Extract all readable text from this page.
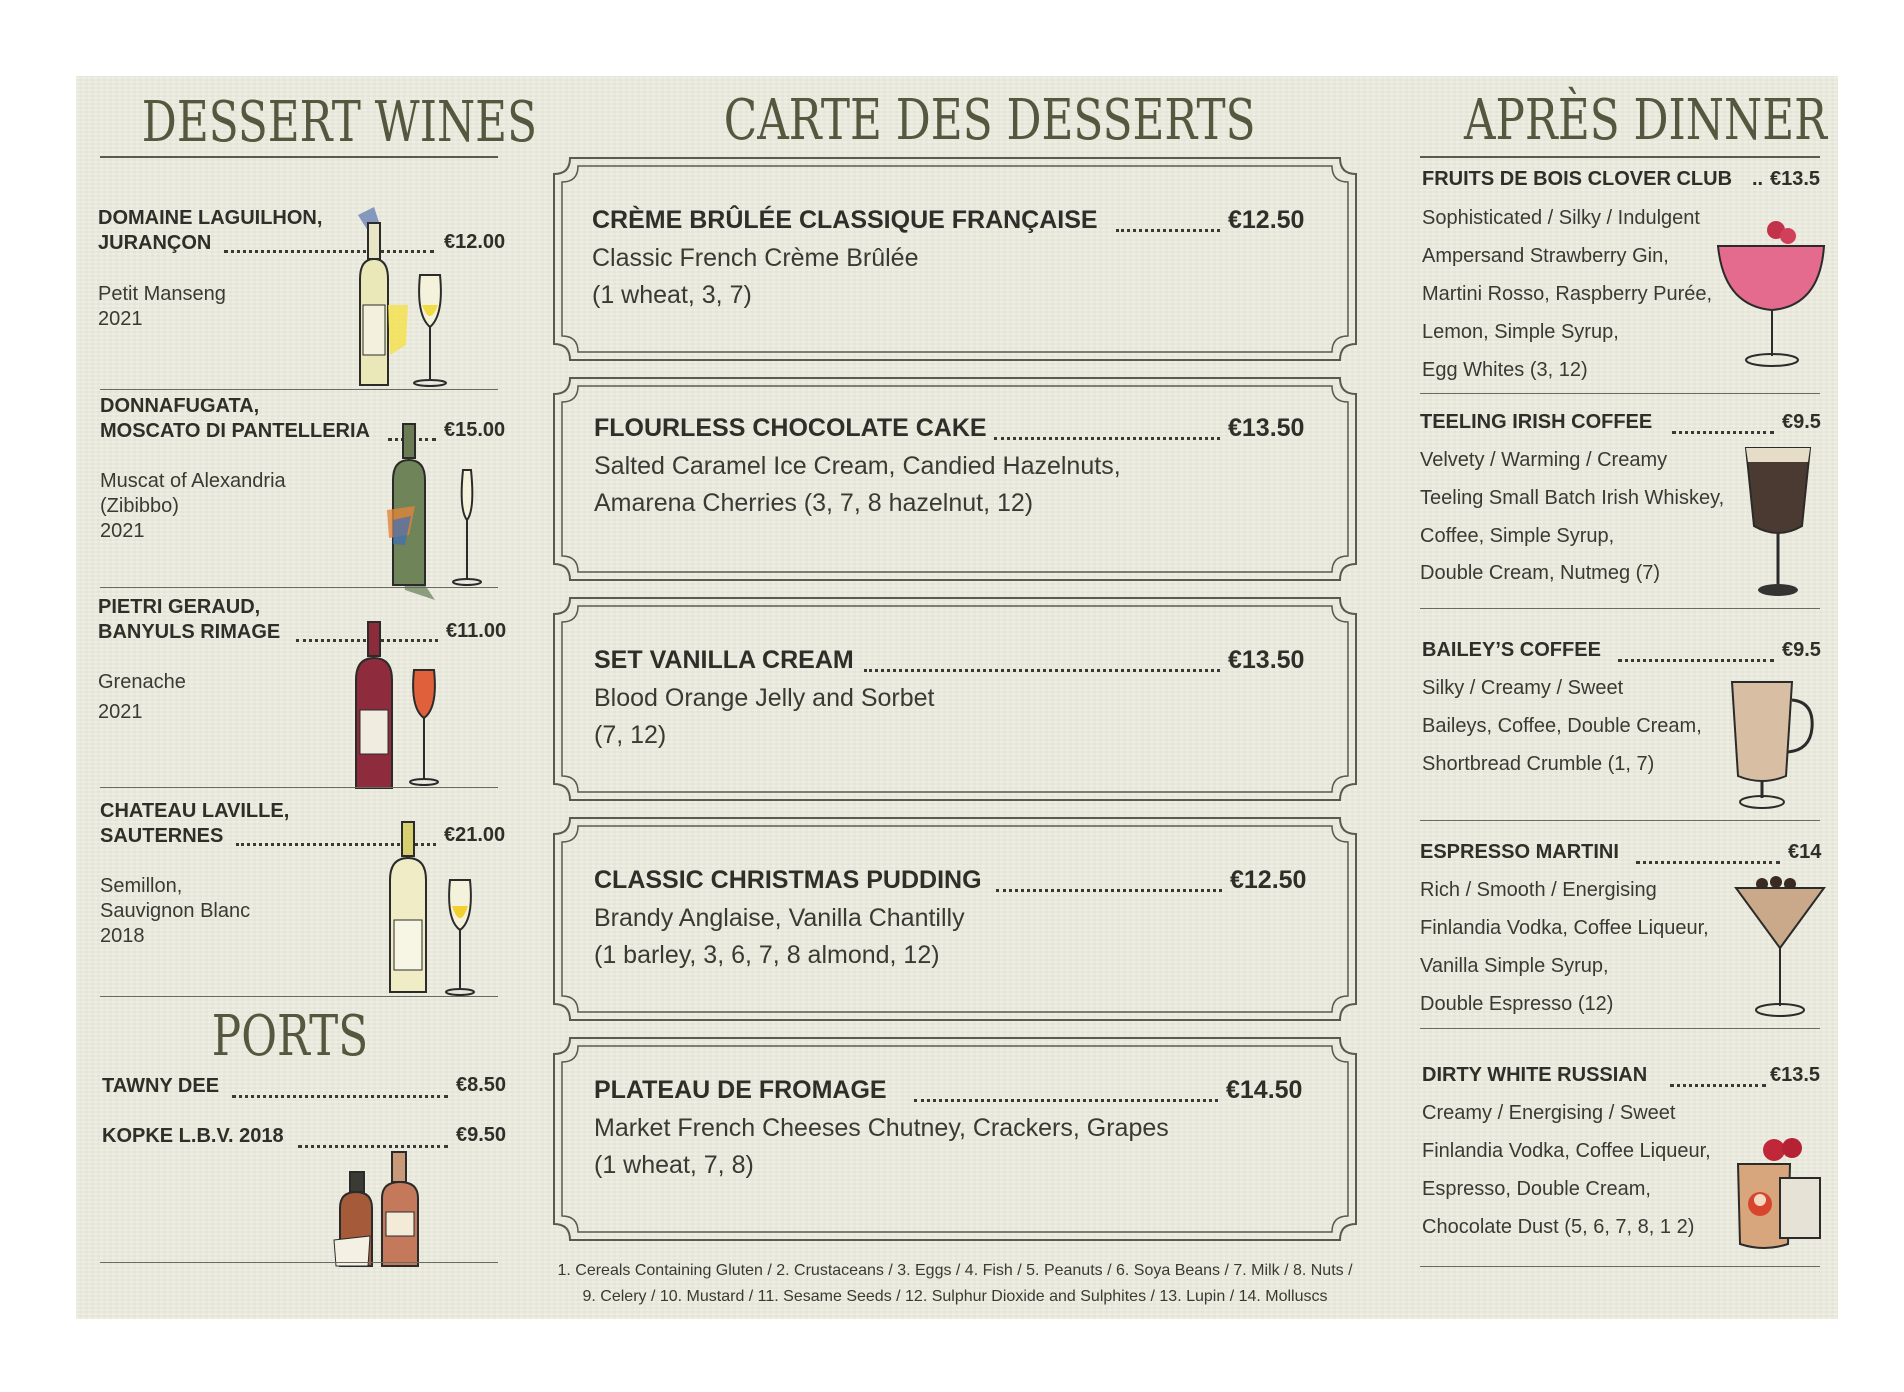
DESSERT WINES	CARTE DES DESSERTS	APRÈS DINNER
DOMAINE LAGUILHON,
JURANÇON	€12.00
Petit Manseng
2021
DONNAFUGATA,
MOSCATO DI PANTELLERIA	€15.00
Muscat of Alexandria
(Zibibbo)
2021
PIETRI GERAUD,
BANYULS RIMAGE	€11.00
Grenache
2021
CHATEAU LAVILLE,
SAUTERNES	€21.00
Semillon,
Sauvignon Blanc
2018
PORTS
TAWNY DEE	€8.50
KOPKE L.B.V. 2018	€9.50
CRÈME BRÛLÉE CLASSIQUE FRANÇAISE	€12.50
Classic French Crème Brûlée
(1 wheat, 3, 7)
FLOURLESS CHOCOLATE CAKE	€13.50
Salted Caramel Ice Cream, Candied Hazelnuts,
Amarena Cherries (3, 7, 8 hazelnut, 12)
SET VANILLA CREAM	€13.50
Blood Orange Jelly and Sorbet
(7, 12)
CLASSIC CHRISTMAS PUDDING	€12.50
Brandy Anglaise, Vanilla Chantilly
(1 barley, 3, 6, 7, 8 almond, 12)
PLATEAU DE FROMAGE	€14.50
Market French Cheeses Chutney, Crackers, Grapes
(1 wheat, 7, 8)
FRUITS DE BOIS CLOVER CLUB .. €13.5
Sophisticated / Silky / Indulgent
Ampersand Strawberry Gin,
Martini Rosso, Raspberry Purée,
Lemon, Simple Syrup,
Egg Whites (3, 12)
TEELING IRISH COFFEE	€9.5
Velvety / Warming / Creamy
Teeling Small Batch Irish Whiskey,
Coffee, Simple Syrup,
Double Cream, Nutmeg (7)
BAILEY’S COFFEE	€9.5
Silky / Creamy / Sweet
Baileys, Coffee, Double Cream,
Shortbread Crumble (1, 7)
ESPRESSO MARTINI	€14
Rich / Smooth / Energising
Finlandia Vodka, Coffee Liqueur,
Vanilla Simple Syrup,
Double Espresso (12)
DIRTY WHITE RUSSIAN	€13.5
Creamy / Energising / Sweet
Finlandia Vodka, Coffee Liqueur,
Espresso, Double Cream,
Chocolate Dust (5, 6, 7, 8, 1 2)
1. Cereals Containing Gluten / 2. Crustaceans / 3. Eggs / 4. Fish / 5. Peanuts / 6. Soya Beans / 7. Milk / 8. Nuts /
9. Celery / 10. Mustard / 11. Sesame Seeds / 12. Sulphur Dioxide and Sulphites / 13. Lupin / 14. Molluscs
